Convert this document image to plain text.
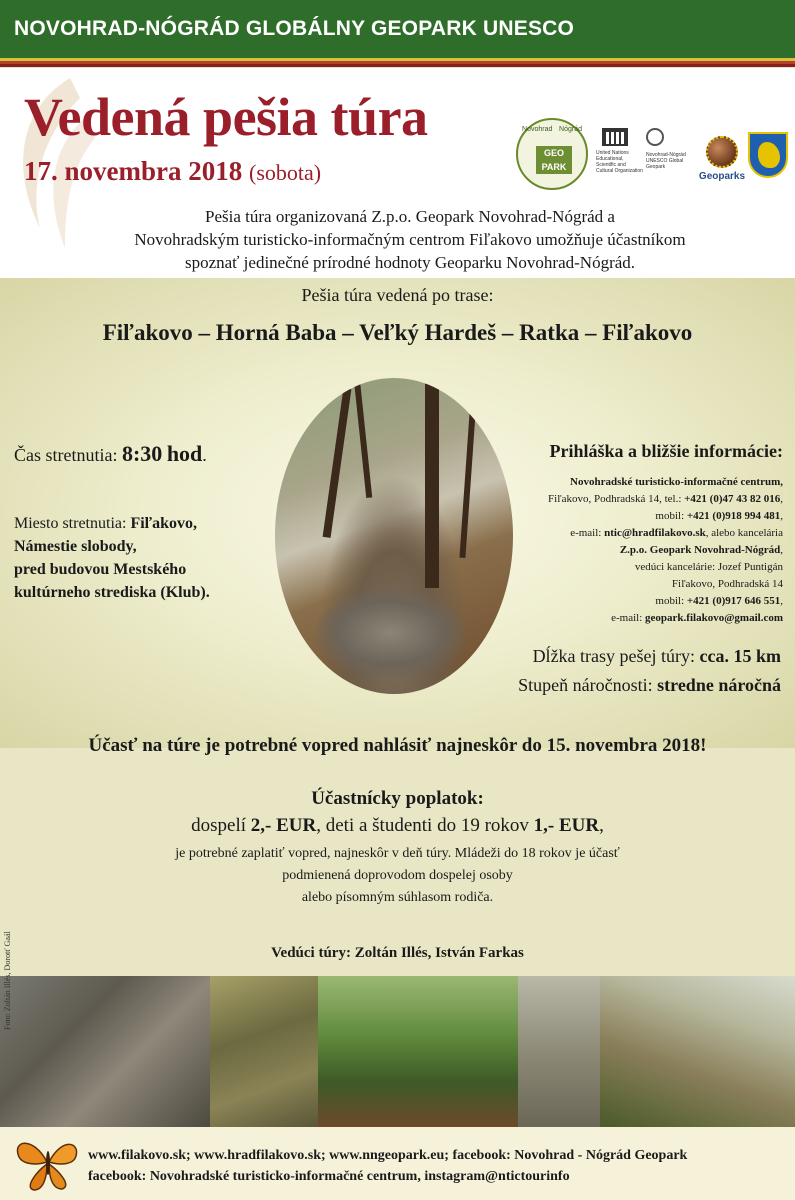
NOVOHRAD-NÓGRÁD GLOBÁLNY GEOPARK UNESCO
Vedená pešia túra
17. novembra 2018 (sobota)
Novohrad Nógrád
GEO
PARK
United Nations Educational, Scientific and Cultural Organization
Novohrad-Nógrád UNESCO Global Geopark
Geoparks
Pešia túra organizovaná Z.p.o. Geopark Novohrad-Nógrád a
Novohradským turisticko-informačným centrom Fiľakovo umožňuje účastníkom
spoznať jedinečné prírodné hodnoty Geoparku Novohrad-Nógrád.
Pešia túra vedená po trase:
Fiľakovo – Horná Baba – Veľký Hardeš – Ratka – Fiľakovo
Čas stretnutia: 8:30 hod.
Miesto stretnutia: Fiľakovo,
Námestie slobody,
pred budovou Mestského
kultúrneho strediska (Klub).
Prihláška a bližšie informácie:
Novohradské turisticko-informačné centrum,
Fiľakovo, Podhradská 14, tel.: +421 (0)47 43 82 016,
mobil: +421 (0)918 994 481,
e-mail: ntic@hradfilakovo.sk, alebo kancelária
Z.p.o. Geopark Novohrad-Nógrád,
vedúci kancelárie: Jozef Puntigán
Fiľakovo, Podhradská 14
mobil: +421 (0)917 646 551,
e-mail: geopark.filakovo@gmail.com
Dĺžka trasy pešej túry: cca. 15 km
Stupeň náročnosti: stredne náročná
Účasť na túre je potrebné vopred nahlásiť najneskôr do 15. novembra 2018!
Účastnícky poplatok:
dospelí 2,- EUR, deti a študenti do 19 rokov 1,- EUR,
je potrebné zaplatiť vopred, najneskôr v deň túry. Mládeži do 18 rokov je účasť
podmienená doprovodom dospelej osoby
alebo písomným súhlasom rodiča.
Vedúci túry: Zoltán Illés, István Farkas
Foto: Zoltán Illés, Dorotť Gaál
www.filakovo.sk; www.hradfilakovo.sk; www.nngeopark.eu; facebook: Novohrad - Nógrád Geopark
facebook: Novohradské turisticko-informačné centrum, instagram@ntictourinfo
